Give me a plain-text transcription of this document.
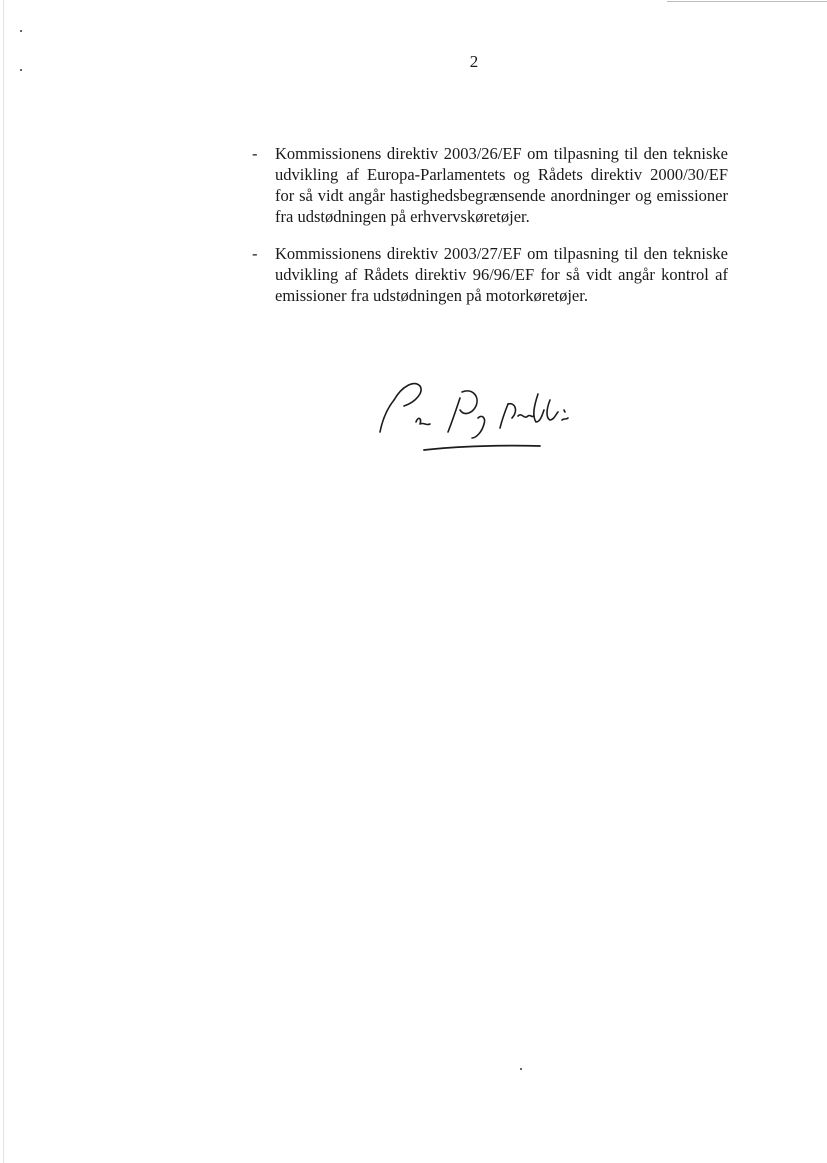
2
-	Kommissionens direktiv 2003/26/EF om tilpasning til den tekniske udvikling af Europa-Parlamentets og Rådets direktiv 2000/30/EF for så vidt angår hastighedsbegrænsende anordninger og emissioner fra udstødningen på erhvervskøretøjer.
-	Kommissionens direktiv 2003/27/EF om tilpasning til den tekniske udvikling af Rådets direktiv 96/96/EF for så vidt angår kontrol af emissioner fra udstødningen på motorkøretøjer.
